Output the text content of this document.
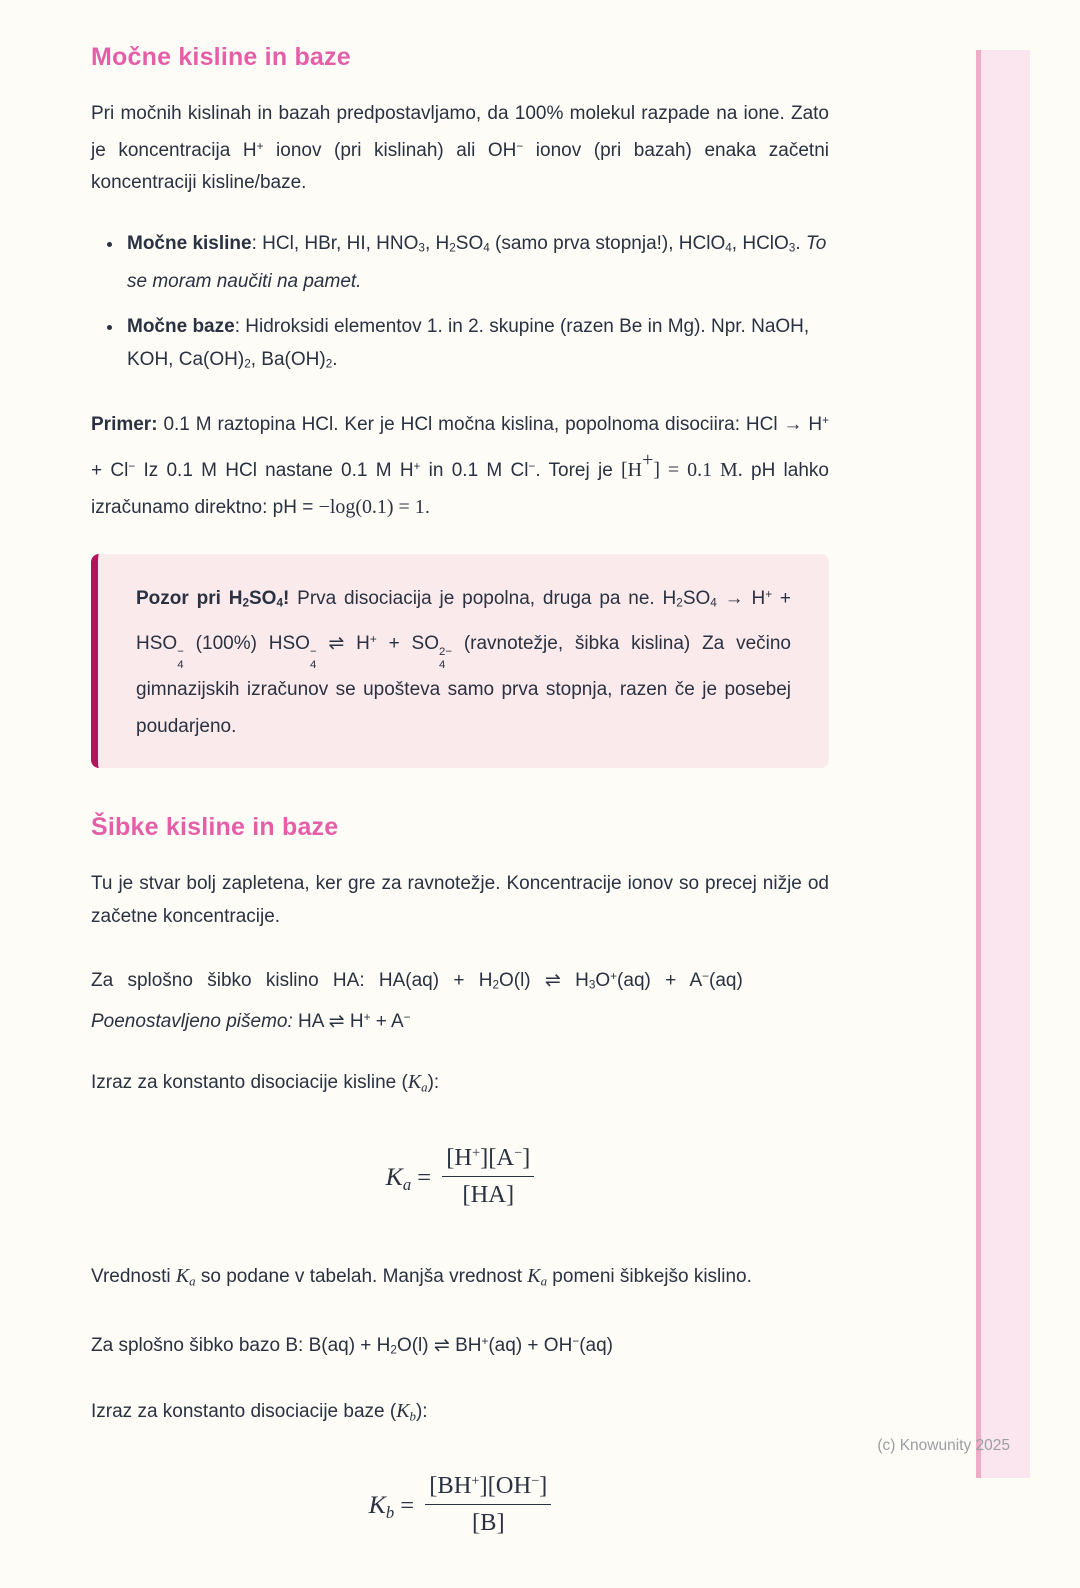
Močne kisline in baze

Pri močnih kislinah in bazah predpostavljamo, da 100% molekul razpade na ione. Zato je koncentracija H+ ionov (pri kislinah) ali OH− ionov (pri bazah) enaka začetni koncentraciji kisline/baze.

• Močne kisline: HCl, HBr, HI, $HNO_3$, $H_2SO_4$ (samo prva stopnja!), HClO$_4$, HClO$_3$. To se moram naučiti na pamet.
• Močne baze: Hidroksidi elementov 1. in 2. skupine (razen Be in Mg). Npr. NaOH, KOH, $Ca(OH)_2$, $Ba(OH)_2$.

Primer: 0.1 M raztopina HCl. Ker je HCl močna kislina, popolnoma disociira: HCl → H+ + Cl− Iz 0.1 M HCl nastane 0.1 M H+ in 0.1 M Cl−. Torej je [H+] = 0.1 M. pH lahko izračunamo direktno: pH = −log(0.1) = 1.

Pozor pri $H_2SO_4$! Prva disociacija je popolna, druga pa ne. $H_2SO_4 \to H^+$ + HSO −
4
(100%) HSO −
4
⇌ H+ + SO 2−
4
(ravnotežje, šibka kislina) Za večino gimnazijskih izračunov se upošteva samo prva stopnja, razen če je posebej poudarjeno.

Šibke kisline in baze

Tu je stvar bolj zapletena, ker gre za ravnotežje. Koncentracije ionov so precej nižje od začetne koncentracije.

Za splošno šibko kislino HA: $HA(aq) + H_2O(l)$ ⇌ $H_3O^+(aq) + A^-(aq)$
Poenostavljeno pišemo: HA ⇌ H+ + A−

Izraz za konstanto disociacije kisline (Ka):

$Ka = \frac{[H^+][A^-]}{[HA]}$

Vrednosti Ka so podane v tabelah. Manjša vrednost Ka pomeni šibkejšo kislino.

Za splošno šibko bazo B: $B(aq) + H_2O(l)$ ⇌ BH+(aq) + OH−(aq)

Izraz za konstanto disociacije baze (Kb):

$Kb = \frac{[BH^+][OH^-]}{[B]}$
(c) Knowunity 2025
